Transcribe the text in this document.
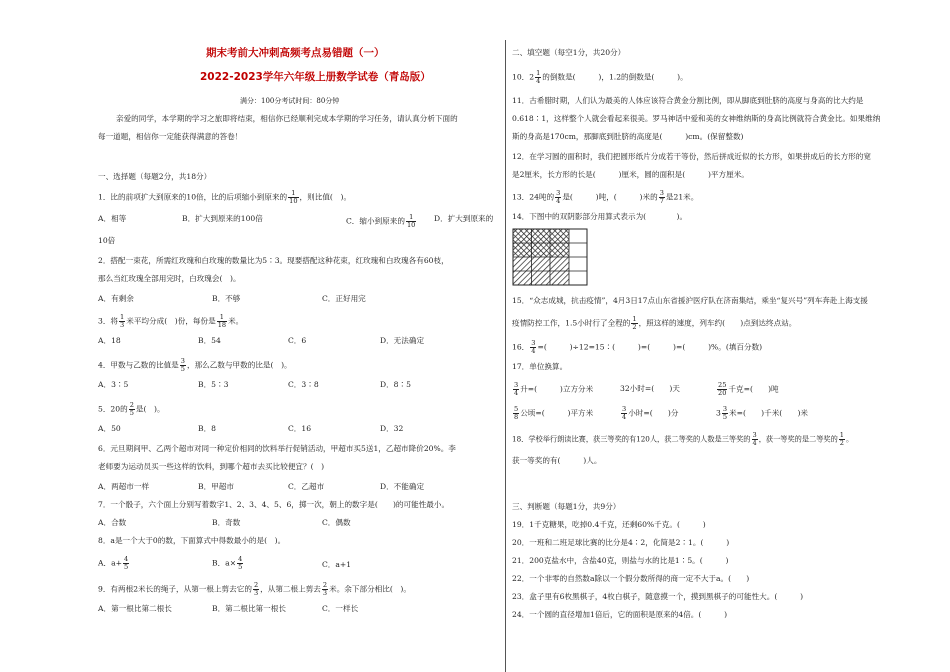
期末考前大冲刺高频考点易错题（一）
2022-2023学年六年级上册数学试卷（青岛版）
满分：100分考试时间：80分钟
亲爱的同学，本学期的学习之旅即将结束，相信你已经顺利完成本学期的学习任务，请认真分析下面的
每一道题，相信你一定能获得满意的答卷！
一、选择题（每题2分，共18分）
1．比的前项扩大到原来的10倍，比的后项缩小到原来的 $\frac{1}{10}$ ，则比值(　)。
A．相等	B．扩大到原来的100倍	C．缩小到原来的 $\frac{1}{10}$ D．扩大到原来的
10倍
2．搭配一束花，所需红玫瑰和白玫瑰的数量比为5∶3。现要搭配这种花束，红玫瑰和白玫瑰各有60枝，
那么当红玫瑰全部用完时，白玫瑰会(　)。
A．有剩余	B．不够	C．正好用完
3．将 $\frac{1}{3}$ 米平均分成(　)份，每份是 $\frac{1}{18}$ 米。
A．18	B．54	C．6	D．无法确定
4．甲数与乙数的比值是 $\frac{3}{5}$ ，那么乙数与甲数的比是(　)。
A．3∶5	B．5∶3	C．3∶8	D．8∶5
5．20的 $\frac{2}{5}$ 是(　)。
A．50	B．8	C．16	D．32
6．元旦期间甲、乙两个超市对同一种定价相同的饮料举行促销活动，甲超市买5送1，乙超市降价20%。李
老师要为运动员买一些这样的饮料，到哪个超市去买比较便宜？(　)
A．两超市一样	B．甲超市	C．乙超市	D．不能确定
7．一个骰子，六个面上分别写着数字1、2、3、4、5、6，掷一次，朝上的数字是(　　)的可能性最小。
A．合数	B．奇数	C．偶数
8．a是一个大于0的数，下面算式中得数最小的是(　)。
A．$a+ \frac{4}{5}$	B．$a\times \frac{4}{5}$	C．a+1
9．有两根2米长的绳子，从第一根上剪去它的 $\frac{2}{3}$ ，从第二根上剪去 $\frac{2}{3}$ 米。余下部分相比(　)。
A．第一根比第二根长	B．第二根比第一根长	C．一样长
二、填空题（每空1分，共20分）
10．$2 \frac{1}{4}$ 的倒数是(　　　)，1.2的倒数是(　　　)。
11．古希腊时期，人们认为最美的人体应该符合黄金分割比例，即从脚底到肚脐的高度与身高的比大约是
0.618∶1，这样整个人就会看起来很美。罗马神话中爱和美的女神维纳斯的身高比例就符合黄金比。如果维纳
斯的身高是170cm，那脚底到肚脐的高度是(　　　)cm。(保留整数)
12．在学习圆的面积时，我们把圆形纸片分成若干等份，然后拼成近似的长方形，如果拼成后的长方形的宽
是2厘米，长方形的长是(　　　)厘米，圆的面积是(　　　)平方厘米。
13．24吨的 $\frac{3}{4}$ 是(　　　)吨，(　　　)米的 $\frac{3}{7}$ 是21米。
14．下图中的双阴影部分用算式表示为(　　　　)。
15．“众志成城，抗击疫情”，4月3日17点山东省援沪医疗队在济南集结，乘坐“复兴号”列车奔赴上海支援
疫情防控工作，1.5小时行了全程的 $\frac{1}{2}$ ，照这样的速度，列车约(　　)点到达终点站。
16． $\frac{3}{4}$ =(　　　)÷12=15∶(　　　)=(　　　)=(　　　)%。(填百分数)
17．单位换算。
$\frac{3}{4}$ 升=(　　　)立方分米	32小时=(　　)天	$\frac{25}{20}$ 千克=(　　)吨
$\frac{5}{8}$ 公顷=(　　　)平方米	$\frac{3}{4}$ 小时=(　　)分	$3 \frac{3}{5}$ 米=(　　)千米(　　)米
18．学校举行朗读比赛，获三等奖的有120人，获二等奖的人数是三等奖的 $\frac{3}{4}$ ，获一等奖的是二等奖的 $\frac{1}{2}$ 。
获一等奖的有(　　　)人。
三、判断题（每题1分，共9分）
19．1千克糖果，吃掉0.4千克，还剩60%千克。(　　　)
20．一班和二班足球比赛的比分是4∶2，化简是2∶1。(　　　)
21．200克盐水中，含盐40克，则盐与水的比是1∶5。(　　　)
22．一个非零的自然数a除以一个假分数所得的商一定不大于a。(　　)
23．盒子里有6枚黑棋子，4枚白棋子，随意摸一个，摸到黑棋子的可能性大。(　　　)
24．一个圆的直径增加1倍后，它的面积是原来的4倍。(　　　)
